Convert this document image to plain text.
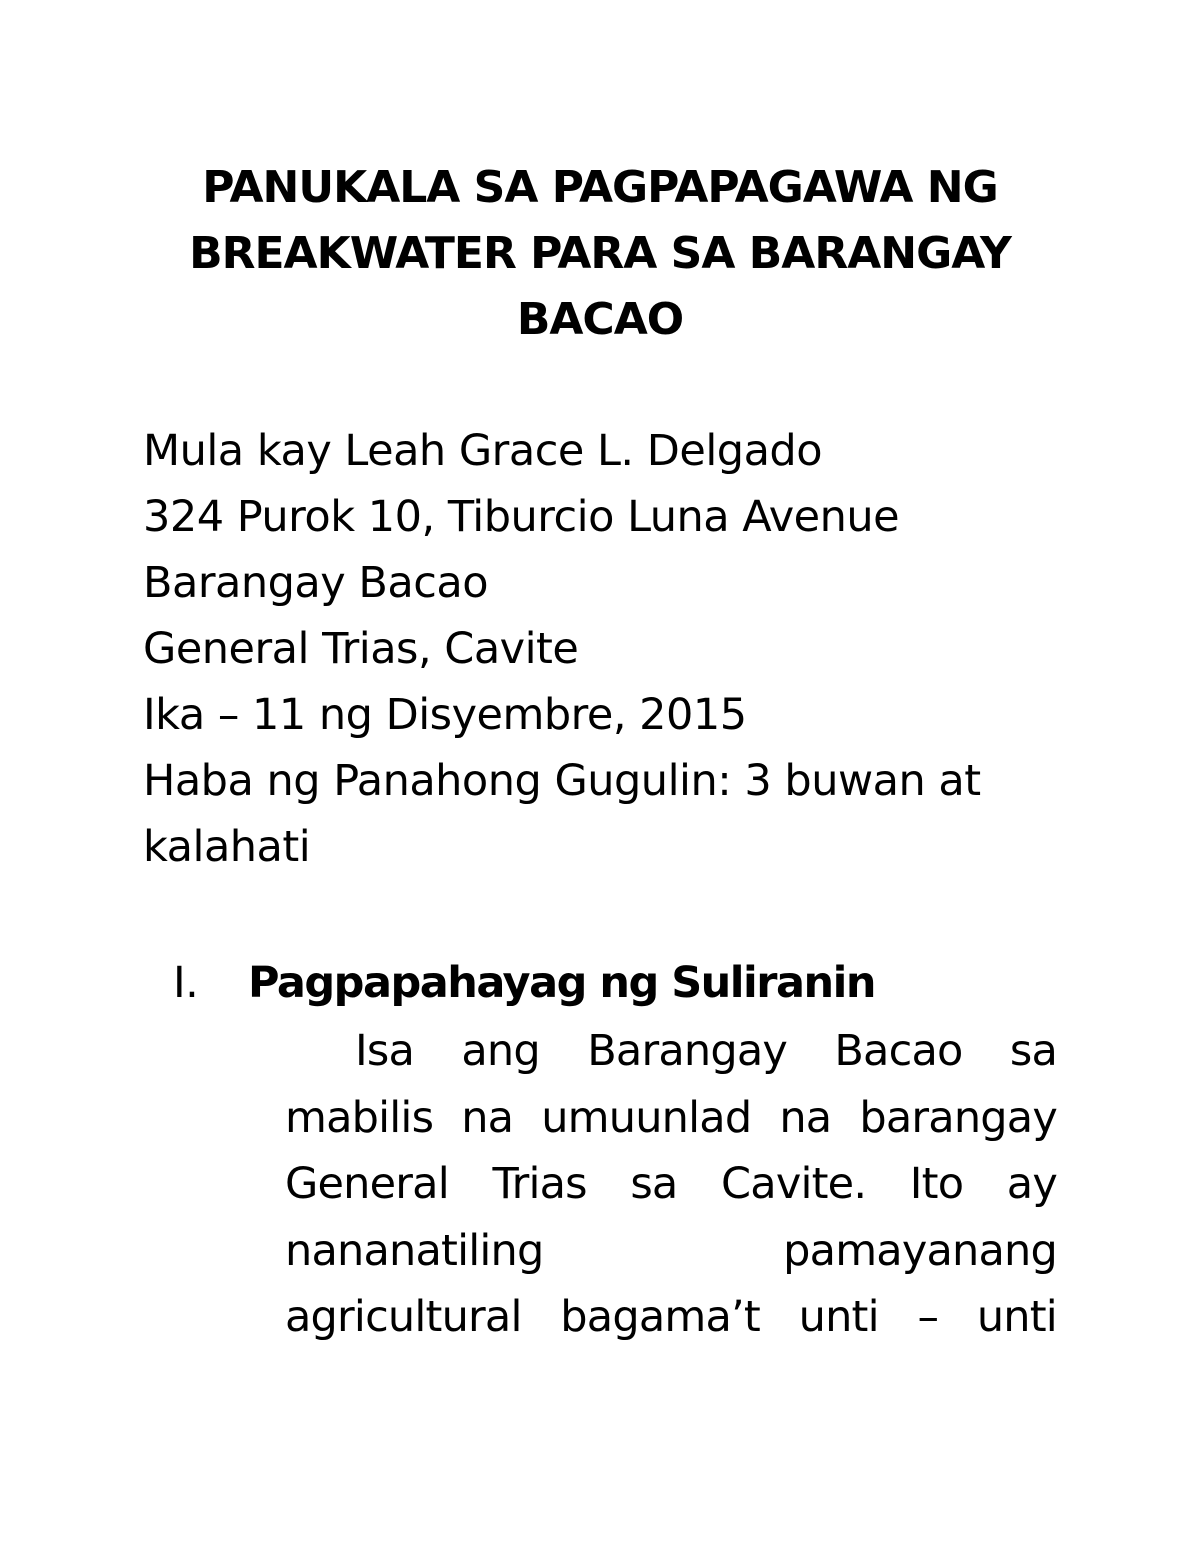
PANUKALA SA PAGPAPAGAWA NG
BREAKWATER PARA SA BARANGAY
BACAO
Mula kay Leah Grace L. Delgado
324 Purok 10, Tiburcio Luna Avenue
Barangay Bacao
General Trias, Cavite
Ika – 11 ng Disyembre, 2015
Haba ng Panahong Gugulin: 3 buwan at
kalahati
I. Pagpapahayag ng Suliranin
Isa ang Barangay Bacao sa
mabilis na umuunlad na barangay
General Trias sa Cavite. Ito ay
nananatiling	pamayanang
agricultural bagama’t unti – unti
